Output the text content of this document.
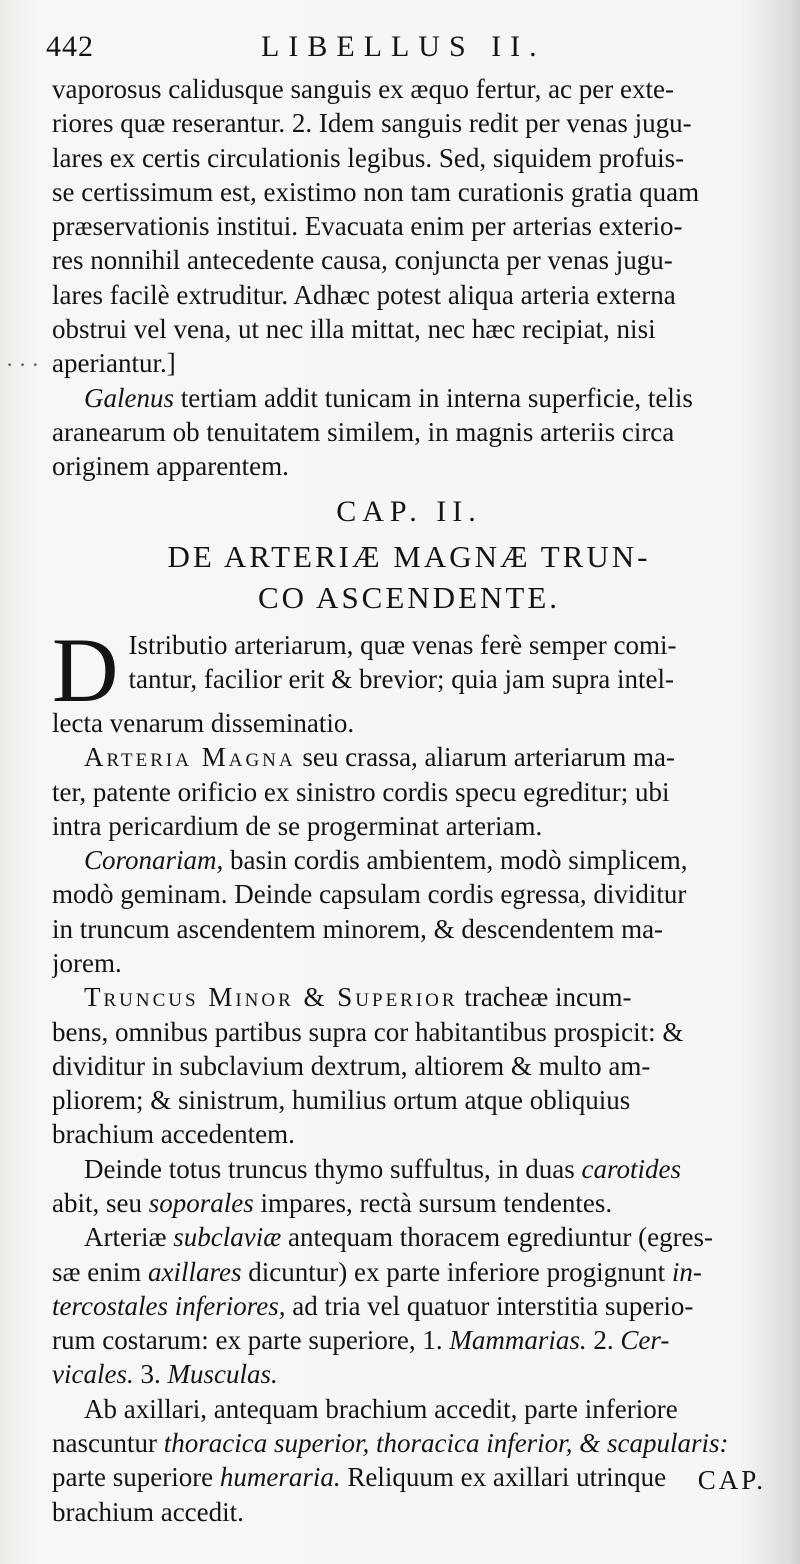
442	LIBELLUS II.
· · ·

vaporosus calidusque sanguis ex æquo fertur, ac per exte-
riores quæ reserantur. 2. Idem sanguis redit per venas jugu-
lares ex certis circulationis legibus. Sed, siquidem profuis-
se certissimum est, existimo non tam curationis gratia quam
præservationis institui. Evacuata enim per arterias exterio-
res nonnihil antecedente causa, conjuncta per venas jugu-
lares facilè extruditur. Adhæc potest aliqua arteria externa
obstrui vel vena, ut nec illa mittat, nec hæc recipiat, nisi
aperiantur.]

Galenus tertiam addit tunicam in interna superficie, telis
aranearum ob tenuitatem similem, in magnis arteriis circa
originem apparentem.

CAP. II.
DE ARTERIÆ MAGNÆ TRUN-
CO ASCENDENTE.

D Istributio arteriarum, quæ venas ferè semper comi-
tantur, facilior erit & brevior; quia jam supra intel-
lecta venarum disseminatio.

Arteria Magna seu crassa, aliarum arteriarum ma-
ter, patente orificio ex sinistro cordis specu egreditur; ubi
intra pericardium de se progerminat arteriam.

Coronariam, basin cordis ambientem, modò simplicem,
modò geminam. Deinde capsulam cordis egressa, dividitur
in truncum ascendentem minorem, & descendentem ma-
jorem.

Truncus Minor & Superior tracheæ incum-
bens, omnibus partibus supra cor habitantibus prospicit: &
dividitur in subclavium dextrum, altiorem & multo am-
pliorem; & sinistrum, humilius ortum atque obliquius
brachium accedentem.

Deinde totus truncus thymo suffultus, in duas carotides
abit, seu soporales impares, rectà sursum tendentes.

Arteriæ subclaviæ antequam thoracem egrediuntur (egres-
sæ enim axillares dicuntur) ex parte inferiore progignunt in-
tercostales inferiores, ad tria vel quatuor interstitia superio-
rum costarum: ex parte superiore, 1. Mammarias. 2. Cer-
vicales. 3. Musculas.

Ab axillari, antequam brachium accedit, parte inferiore
nascuntur thoracica superior, thoracica inferior, & scapularis:
parte superiore humeraria. Reliquum ex axillari utrinque
brachium accedit.

CAP.
